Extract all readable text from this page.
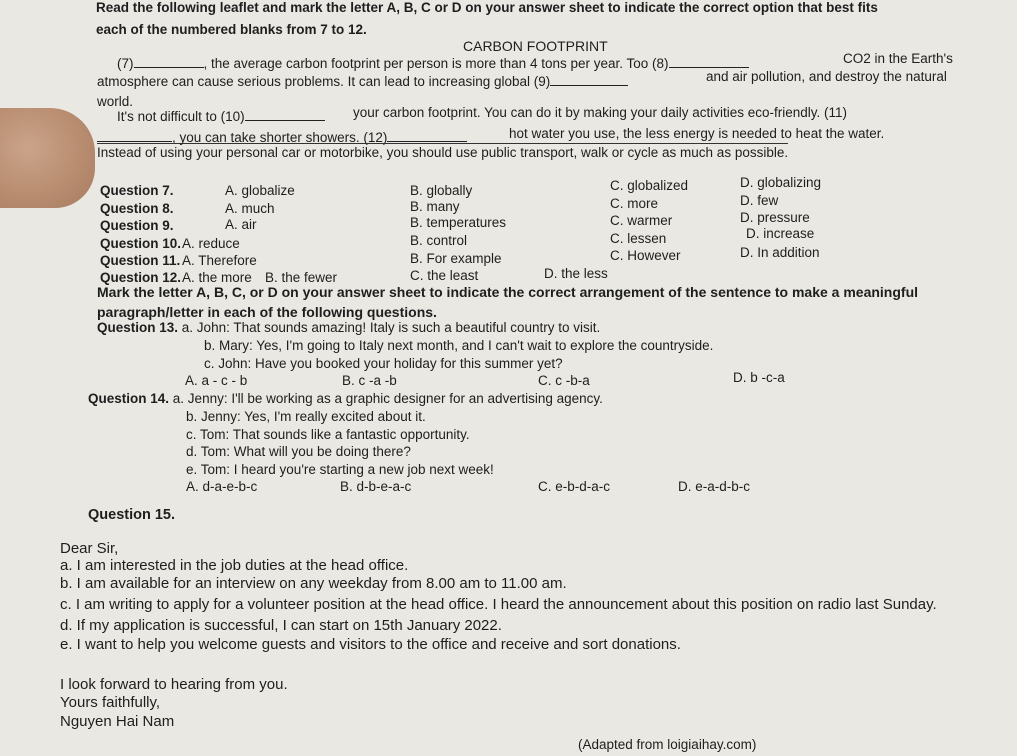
Read the following leaflet and mark the letter A, B, C or D on your answer sheet to indicate the correct option that best fits
each of the numbered blanks from 7 to 12.
CARBON FOOTPRINT
(7)	, the average carbon footprint per person is more than 4 tons per year. Too (8)	CO2 in the Earth's
atmosphere can cause serious problems. It can lead to increasing global (9)	and air pollution, and destroy the natural
world.
It's not difficult to (10)	your carbon footprint. You can do it by making your daily activities eco-friendly. (11)
, you can take shorter showers. (12)	hot water you use, the less energy is needed to heat the water.
Instead of using your personal car or motorbike, you should use public transport, walk or cycle as much as possible.
Question 7.	A. globalize	B. globally	C. globalized	D. globalizing
Question 8.	A. much	B. many	C. more	D. few
Question 9.	A. air	B. temperatures	C. warmer	D. pressure
Question 10. A. reduce	B. control	C. lessen	D. increase
Question 11. A. Therefore	B. For example	C. However	D. In addition
Question 12. A. the more B. the fewer	C. the least	D. the less
Mark the letter A, B, C, or D on your answer sheet to indicate the correct arrangement of the sentence to make a meaningful
paragraph/letter in each of the following questions.
Question 13. a. John: That sounds amazing! Italy is such a beautiful country to visit.
b. Mary: Yes, I'm going to Italy next month, and I can't wait to explore the countryside.
c. John: Have you booked your holiday for this summer yet?
A. a - c - b	B. c -a -b	C. c -b-a	D. b -c-a
Question 14. a. Jenny: I'll be working as a graphic designer for an advertising agency.
b. Jenny: Yes, I'm really excited about it.
c. Tom: That sounds like a fantastic opportunity.
d. Tom: What will you be doing there?
e. Tom: I heard you're starting a new job next week!
A. d-a-e-b-c	B. d-b-e-a-c	C. e-b-d-a-c	D. e-a-d-b-c
Question 15.
Dear Sir,
a. I am interested in the job duties at the head office.
b. I am available for an interview on any weekday from 8.00 am to 11.00 am.
c. I am writing to apply for a volunteer position at the head office. I heard the announcement about this position on radio last Sunday.
d. If my application is successful, I can start on 15th January 2022.
e. I want to help you welcome guests and visitors to the office and receive and sort donations.
I look forward to hearing from you.
Yours faithfully,
Nguyen Hai Nam
(Adapted from loigiaihay.com)
